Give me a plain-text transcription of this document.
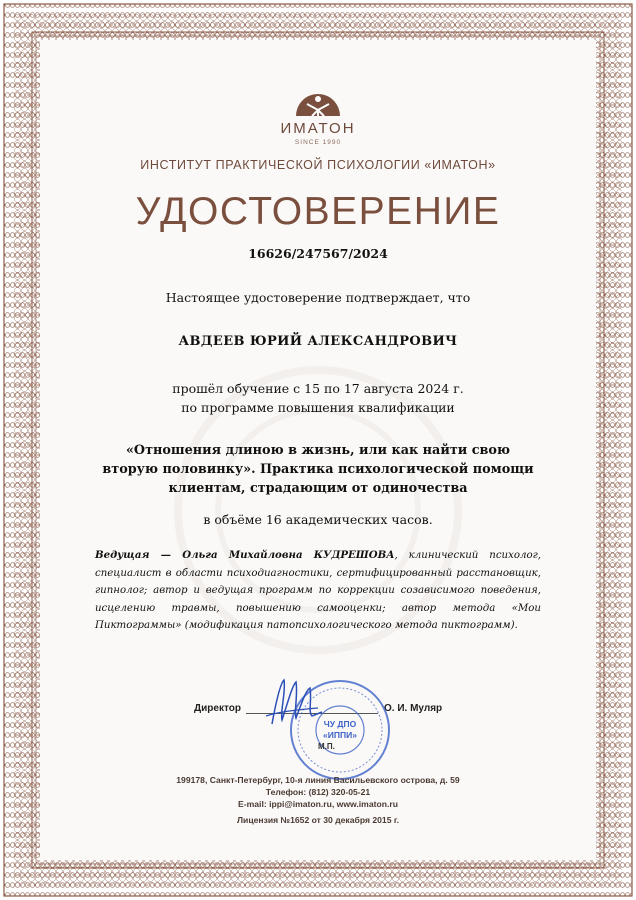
ИМАТОН
SINCE 1990
ИНСТИТУТ ПРАКТИЧЕСКОЙ ПСИХОЛОГИИ «ИМАТОН»
УДОСТОВЕРЕНИЕ
16626/247567/2024
Настоящее удостоверение подтверждает, что
АВДЕЕВ ЮРИЙ АЛЕКСАНДРОВИЧ
прошёл обучение с 15 по 17 августа 2024 г.
по программе повышения квалификации
«Отношения длиною в жизнь, или как найти свою
вторую половинку». Практика психологической помощи
клиентам, страдающим от одиночества
в объёме 16 академических часов.
Ведущая — Ольга Михайловна КУДРЕШОВА, клинический психолог, специалист в области психодиагностики, сертифицированный расстановщик, гипнолог; автор и ведущая программ по коррекции созависимого поведения, исцелению травмы, повышению самооценки; автор метода «Мои Пиктограммы» (модификация патопсихологического метода пиктограмм).
Директор	О. И. Муляр
ЧУ ДПО
«ИППИ»
М.П.
199178, Санкт-Петербург, 10-я линия Васильевского острова, д. 59
Телефон: (812) 320-05-21
E-mail: ippi@imaton.ru, www.imaton.ru
Лицензия №1652 от 30 декабря 2015 г.
